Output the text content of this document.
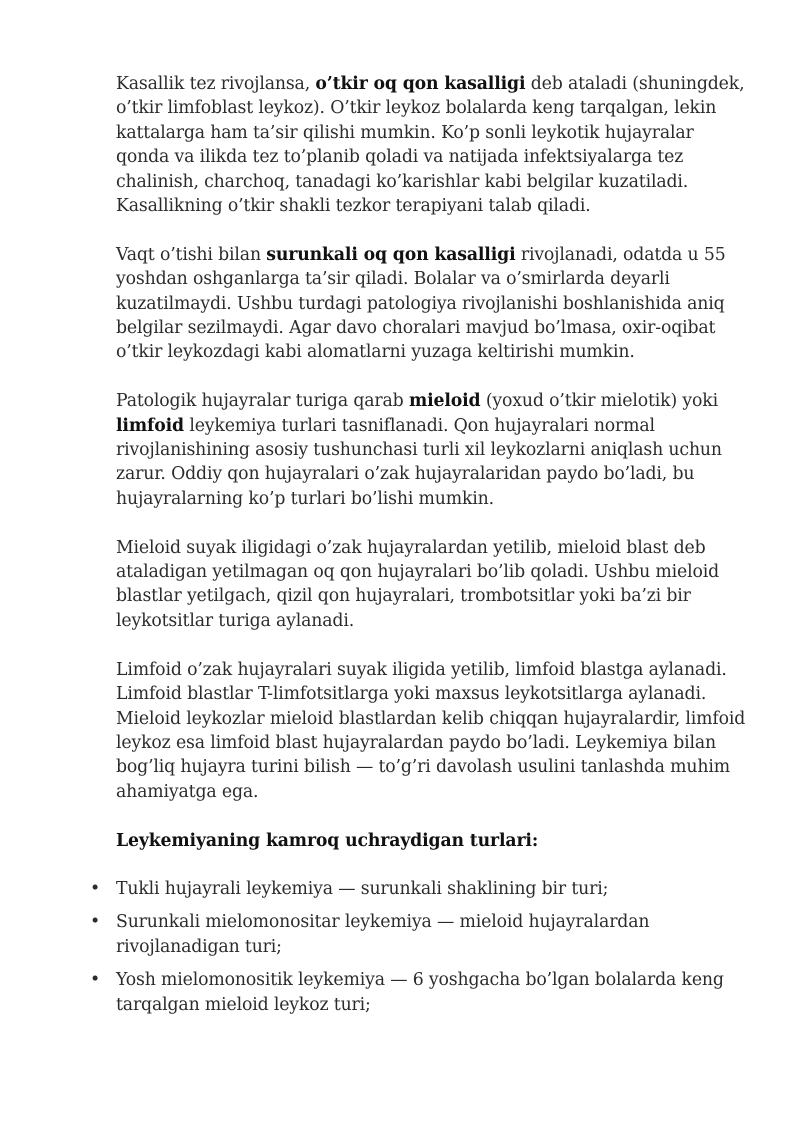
Kasallik tez rivojlansa, o’tkir oq qon kasalligi deb ataladi (shuningdek, o’tkir limfoblast leykoz). O’tkir leykoz bolalarda keng tarqalgan, lekin kattalarga ham ta’sir qilishi mumkin. Ko’p sonli leykotik hujayralar qonda va ilikda tez to’planib qoladi va natijada infektsiyalarga tez chalinish, charchoq, tanadagi ko’karishlar kabi belgilar kuzatiladi. Kasallikning o’tkir shakli tezkor terapiyani talab qiladi.

Vaqt o’tishi bilan surunkali oq qon kasalligi rivojlanadi, odatda u 55 yoshdan oshganlarga ta’sir qiladi. Bolalar va o’smirlarda deyarli kuzatilmaydi. Ushbu turdagi patologiya rivojlanishi boshlanishida aniq belgilar sezilmaydi. Agar davo choralari mavjud bo’lmasa, oxir-oqibat o’tkir leykozdagi kabi alomatlarni yuzaga keltirishi mumkin.

Patologik hujayralar turiga qarab mieloid (yoxud o’tkir mielotik) yoki limfoid leykemiya turlari tasniflanadi. Qon hujayralari normal rivojlanishining asosiy tushunchasi turli xil leykozlarni aniqlash uchun zarur. Oddiy qon hujayralari o’zak hujayralaridan paydo bo’ladi, bu hujayralarning ko’p turlari bo’lishi mumkin.

Mieloid suyak iligidagi o’zak hujayralardan yetilib, mieloid blast deb ataladigan yetilmagan oq qon hujayralari bo’lib qoladi. Ushbu mieloid blastlar yetilgach, qizil qon hujayralari, trombotsitlar yoki ba’zi bir leykotsitlar turiga aylanadi.

Limfoid o’zak hujayralari suyak iligida yetilib, limfoid blastga aylanadi. Limfoid blastlar T-limfotsitlarga yoki maxsus leykotsitlarga aylanadi. Mieloid leykozlar mieloid blastlardan kelib chiqqan hujayralardir, limfoid leykoz esa limfoid blast hujayralardan paydo bo’ladi. Leykemiya bilan bog’liq hujayra turini bilish — to’g’ri davolash usulini tanlashda muhim ahamiyatga ega.

Leykemiyaning kamroq uchraydigan turlari:
• Tukli hujayrali leykemiya — surunkali shaklining bir turi;
• Surunkali mielomonositar leykemiya — mieloid hujayralardan rivojlanadigan turi;
• Yosh mielomonositik leykemiya — 6 yoshgacha bo’lgan bolalarda keng tarqalgan mieloid leykoz turi;
